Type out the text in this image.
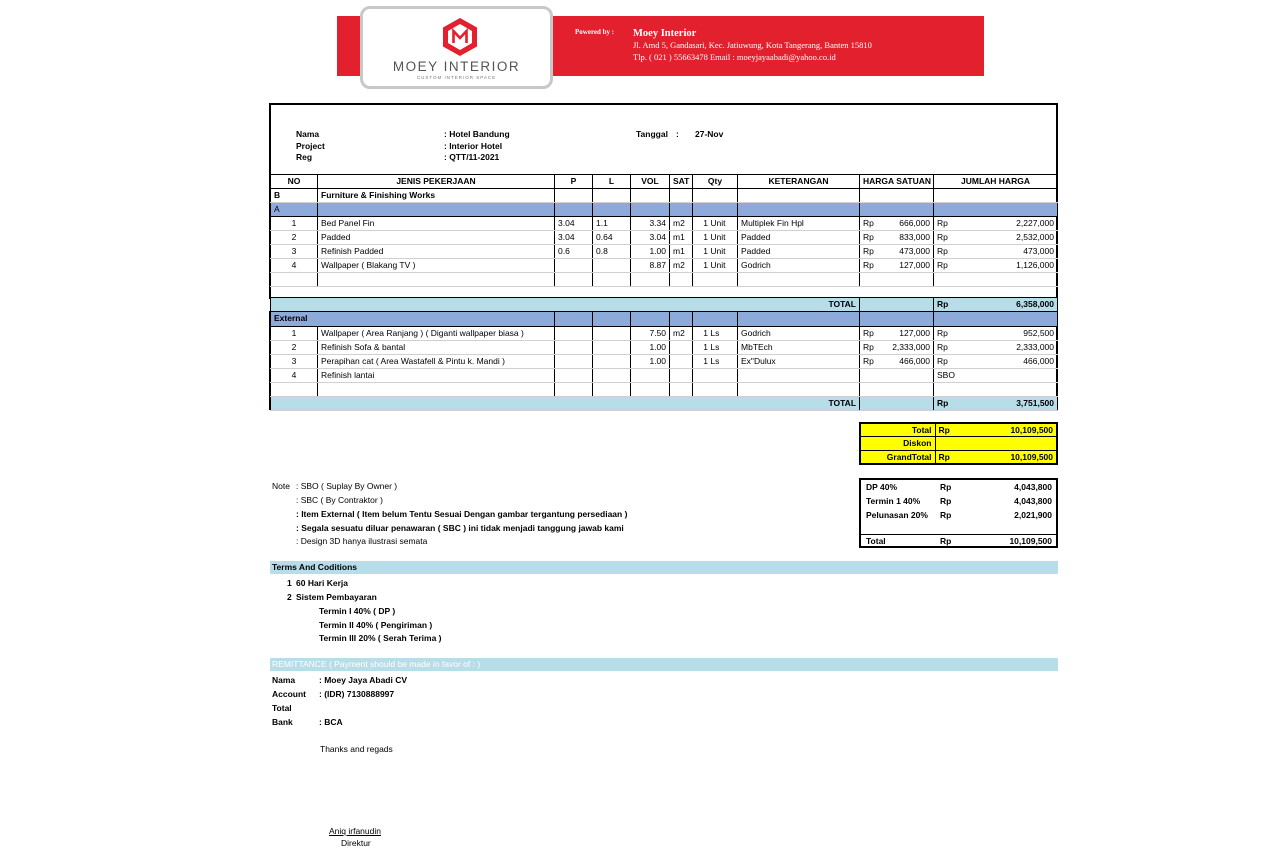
MOEY INTERIOR
CUSTOM INTERIOR SPACE
Powered by : Moey Interior
Jl. Amd 5, Gandasari, Kec. Jatiuwung, Kota Tangerang, Banten 15810
Tlp. ( 021 ) 55663478 Email : moeyjayaabadi@yahoo.co.id
Nama	: Hotel Bandung
Project	: Interior Hotel
Reg	: QTT/11-2021
Tanggal : 27-Nov
NO	JENIS PEKERJAAN	P	L	VOL	SAT	Qty	KETERANGAN	HARGA SATUAN	JUMLAH HARGA
B	Furniture & Finishing Works								
A									
1	Bed Panel Fin	3.04	1.1	3.34	m2	1 Unit	Multiplek Fin Hpl	Rp 666,000	Rp 2,227,000

2	Padded	3.04	0.64	3.04	m1	1 Unit	Padded	Rp 833,000	Rp 2,532,000

3	Refinish Padded	0.6	0.8	1.00	m1	1 Unit	Padded	Rp 473,000	Rp 473,000

4	Wallpaper ( Blakang TV )			8.87	m2	1 Unit	Godrich	Rp 127,000	Rp 1,126,000

TOTAL									Rp 6,358,000
External									
1	Wallpaper ( Area Ranjang ) ( Diganti wallpaper biasa )			7.50	m2	1 Ls	Godrich	Rp 127,000	Rp 952,500

2	Refinish Sofa & bantal			1.00		1 Ls	MbTEch	Rp 2,333,000	Rp 2,333,000

3	Perapihan cat ( Area Wastafell & Pintu k. Mandi )			1.00		1 Ls	Ex"Dulux	Rp 466,000	Rp 466,000

4	Refinish lantai								SBO

TOTAL									Rp 3,751,500
Total	Rp	10,109,500
Diskon		
GrandTotal	Rp	10,109,500
Note : SBO ( Suplay By Owner )
: SBC ( By Contraktor )
: Item External ( Item belum Tentu Sesuai Dengan gambar tergantung persediaan )
: Segala sesuatu diluar penawaran ( SBC ) ini tidak menjadi tanggung jawab kami
: Design 3D hanya ilustrasi semata
DP 40%	Rp	4,043,800
Termin 1 40% Rp	4,043,800
Pelunasan 20% Rp	2,021,900
Total	Rp	10,109,500
Terms And Coditions
1 60 Hari Kerja
2 Sistem Pembayaran
Termin I 40% ( DP )
Termin II 40% ( Pengiriman )
Termin III 20% ( Serah Terima )
REMITTANCE ( Payment should be made in favor of : )
Nama	: Moey Jaya Abadi CV
Account : (IDR) 7130888997
Total
Bank	: BCA
Thanks and regads
Aniq irfanudin
Direktur
